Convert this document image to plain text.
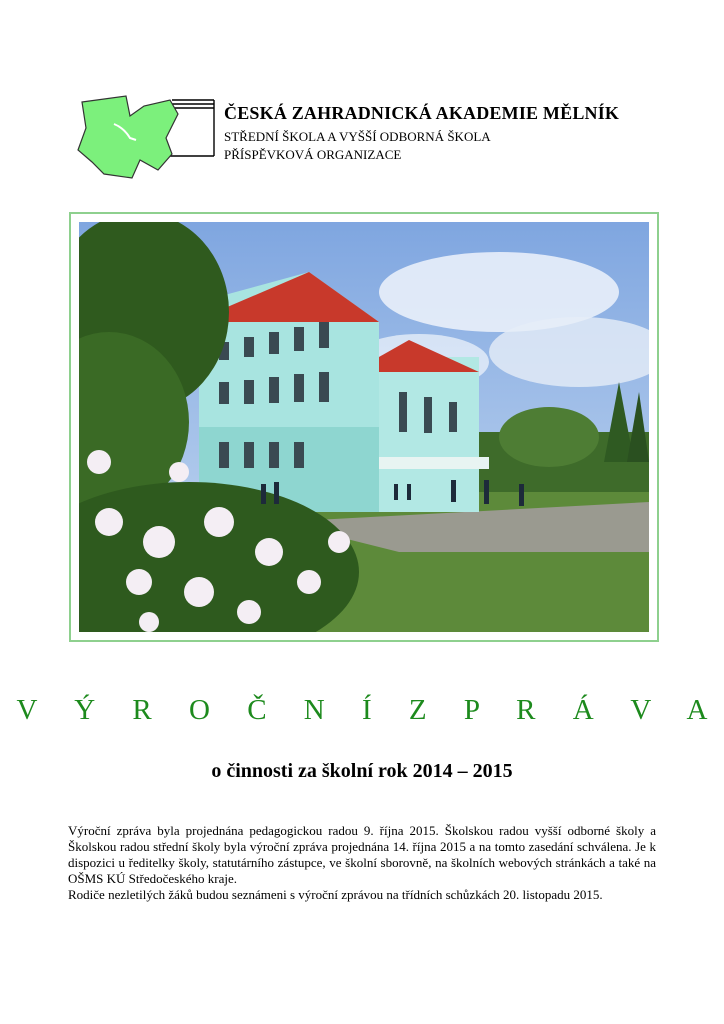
ČESKÁ ZAHRADNICKÁ AKADEMIE MĚLNÍK

STŘEDNÍ ŠKOLA A VYŠŠÍ ODBORNÁ ŠKOLA
PŘÍSPĚVKOVÁ ORGANIZACE

V Ý R O Č N Í Z P R Á V A
o činnosti za školní rok 2014 – 2015

Výroční zpráva byla projednána pedagogickou radou 9. října 2015. Školskou radou vyšší odborné školy a Školskou radou střední školy byla výroční zpráva projednána 14. října 2015 a na tomto zasedání schválena. Je k dispozici u ředitelky školy, statutárního zástupce, ve školní sborovně, na školních webových stránkách a také na OŠMS KÚ Středočeského kraje.

Rodiče nezletilých žáků budou seznámeni s výroční zprávou na třídních schůzkách 20. listopadu 2015.
